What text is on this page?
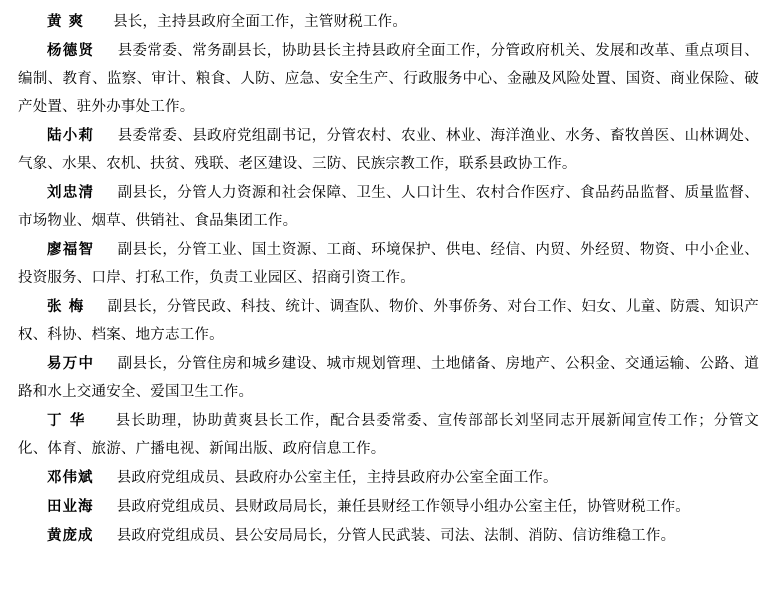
黄 爽 县长，主持县政府全面工作，主管财税工作。

杨德贤 县委常委、常务副县长，协助县长主持县政府全面工作，分管政府机关、发展和改革、重点项目、编制、教育、监察、审计、粮食、人防、应急、安全生产、行政服务中心、金融及风险处置、国资、商业保险、破产处置、驻外办事处工作。

陆小莉 县委常委、县政府党组副书记，分管农村、农业、林业、海洋渔业、水务、畜牧兽医、山林调处、气象、水果、农机、扶贫、残联、老区建设、三防、民族宗教工作，联系县政协工作。

刘忠清 副县长，分管人力资源和社会保障、卫生、人口计生、农村合作医疗、食品药品监督、质量监督、市场物业、烟草、供销社、食品集团工作。

廖福智 副县长，分管工业、国土资源、工商、环境保护、供电、经信、内贸、外经贸、物资、中小企业、投资服务、口岸、打私工作，负责工业园区、招商引资工作。

张 梅 副县长，分管民政、科技、统计、调查队、物价、外事侨务、对台工作、妇女、儿童、防震、知识产权、科协、档案、地方志工作。

易万中 副县长，分管住房和城乡建设、城市规划管理、土地储备、房地产、公积金、交通运输、公路、道路和水上交通安全、爱国卫生工作。

丁 华 县长助理，协助黄爽县长工作，配合县委常委、宣传部部长刘坚同志开展新闻宣传工作；分管文化、体育、旅游、广播电视、新闻出版、政府信息工作。

邓伟斌 县政府党组成员、县政府办公室主任，主持县政府办公室全面工作。

田业海 县政府党组成员、县财政局局长，兼任县财经工作领导小组办公室主任，协管财税工作。

黄庞成 县政府党组成员、县公安局局长，分管人民武装、司法、法制、消防、信访维稳工作。
